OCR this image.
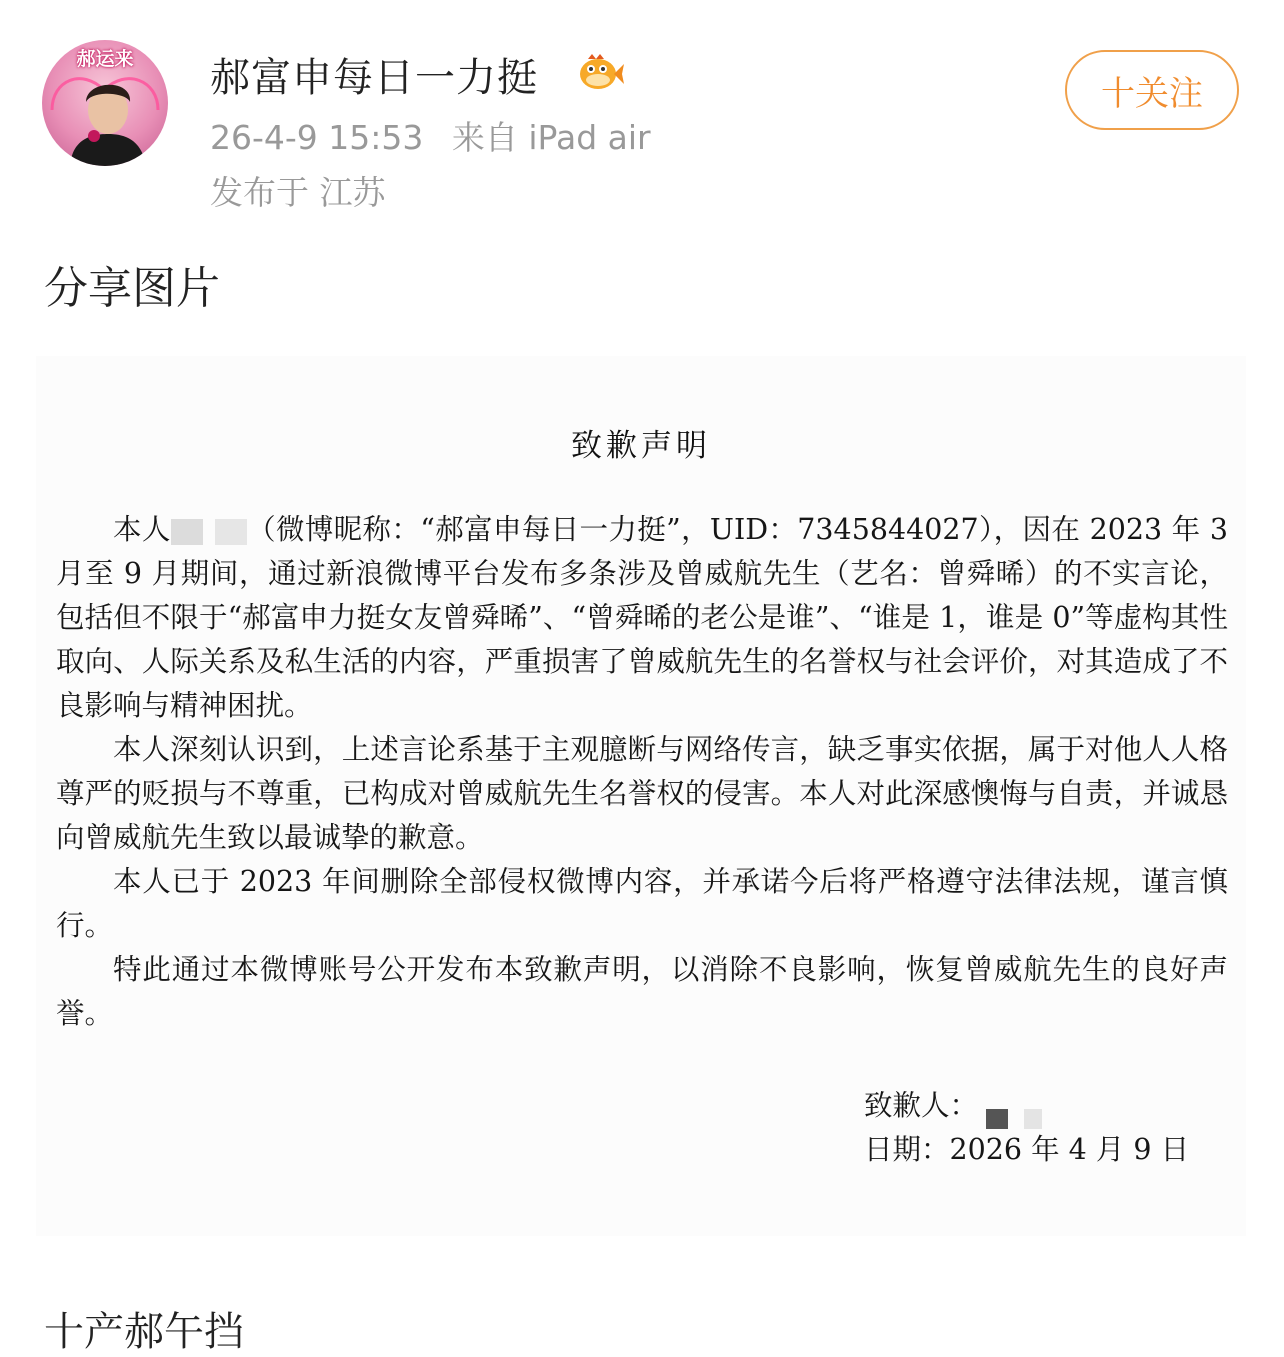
郝运来	郝富申每日一力挺
26-4-9 15:53 来自 iPad air
发布于 江苏
十关注
分享图片
致歉声明

本人	（微博昵称：“郝富申每日一力挺”，UID：7345844027），因在 2023 年 3 月至 9 月期间，通过新浪微博平台发布多条涉及曾威航先生（艺名：曾舜晞）的不实言论，包括但不限于“郝富申力挺女友曾舜晞”、“曾舜晞的老公是谁”、“谁是 1，谁是 0”等虚构其性取向、人际关系及私生活的内容，严重损害了曾威航先生的名誉权与社会评价，对其造成了不良影响与精神困扰。

本人深刻认识到，上述言论系基于主观臆断与网络传言，缺乏事实依据，属于对他人人格尊严的贬损与不尊重，已构成对曾威航先生名誉权的侵害。本人对此深感懊悔与自责，并诚恳向曾威航先生致以最诚挚的歉意。

本人已于 2023 年间删除全部侵权微博内容，并承诺今后将严格遵守法律法规，谨言慎行。

特此通过本微博账号公开发布本致歉声明，以消除不良影响，恢复曾威航先生的良好声誉。

致歉人：
日期：2026 年 4 月 9 日
十产郝午挡
